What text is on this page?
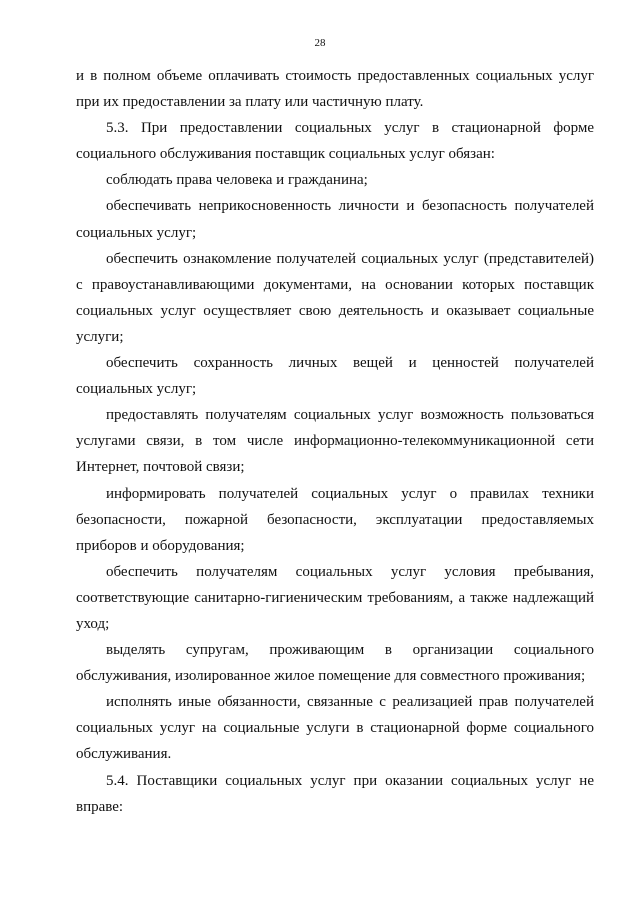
28

и в полном объеме оплачивать стоимость предоставленных социальных услуг при их предоставлении за плату или частичную плату.

5.3. При предоставлении социальных услуг в стационарной форме социального обслуживания поставщик социальных услуг обязан:

соблюдать права человека и гражданина;

обеспечивать неприкосновенность личности и безопасность получателей социальных услуг;

обеспечить ознакомление получателей социальных услуг (представителей) с правоустанавливающими документами, на основании которых поставщик социальных услуг осуществляет свою деятельность и оказывает социальные услуги;

обеспечить сохранность личных вещей и ценностей получателей социальных услуг;

предоставлять получателям социальных услуг возможность пользоваться услугами связи, в том числе информационно-телекоммуникационной сети Интернет, почтовой связи;

информировать получателей социальных услуг о правилах техники безопасности, пожарной безопасности, эксплуатации предоставляемых приборов и оборудования;

обеспечить получателям социальных услуг условия пребывания, соответствующие санитарно-гигиеническим требованиям, а также надлежащий уход;

выделять супругам, проживающим в организации социального обслуживания, изолированное жилое помещение для совместного проживания;

исполнять иные обязанности, связанные с реализацией прав получателей социальных услуг на социальные услуги в стационарной форме социального обслуживания.

5.4. Поставщики социальных услуг при оказании социальных услуг не вправе:
